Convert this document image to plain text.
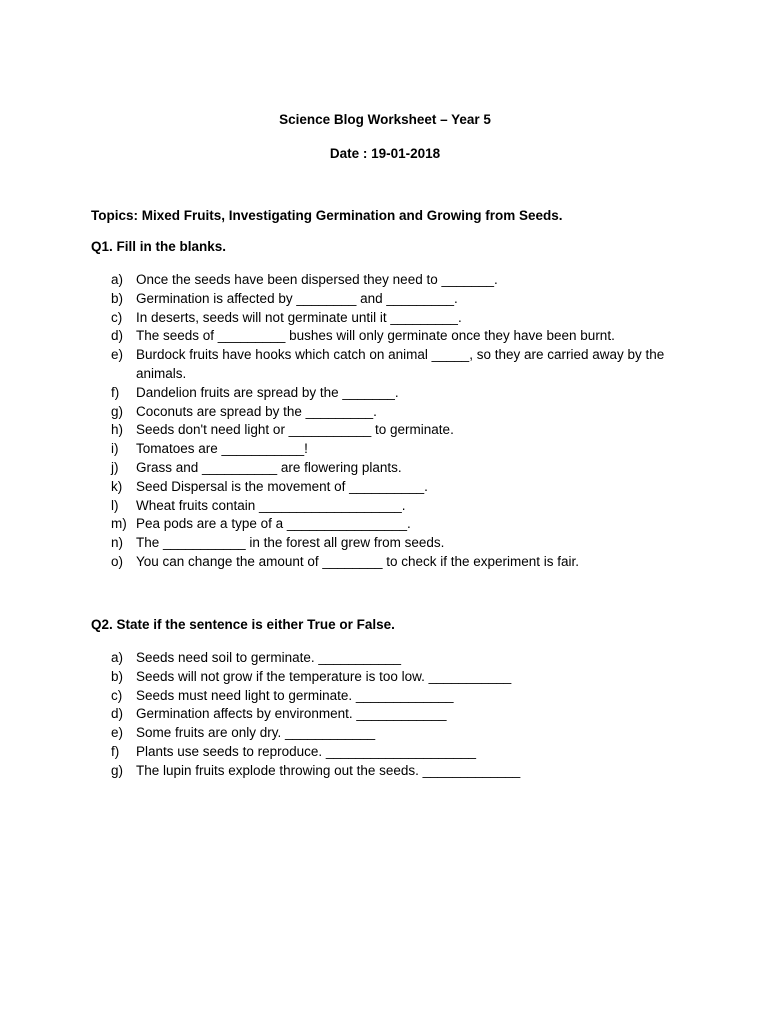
Science Blog Worksheet – Year 5
Date : 19-01-2018
Topics: Mixed Fruits, Investigating Germination and Growing from Seeds.
Q1. Fill in the blanks.
a) Once the seeds have been dispersed they need to _______.
b) Germination is affected by ________ and _________.
c)	In deserts, seeds will not germinate until it _________.
d) The seeds of _________ bushes will only germinate once they have been burnt.
e) Burdock fruits have hooks which catch on animal _____, so they are carried away by the animals.
f)	Dandelion fruits are spread by the _______.
g) Coconuts are spread by the _________.
h) Seeds don't need light or ___________ to germinate.
i)	Tomatoes are ___________!
j)	Grass and __________ are flowering plants.
k)	Seed Dispersal is the movement of __________.
l)	Wheat fruits contain ___________________.
m) Pea pods are a type of a ________________.
n) The ___________ in the forest all grew from seeds.
o) You can change the amount of ________ to check if the experiment is fair.
Q2. State if the sentence is either True or False.
a) Seeds need soil to germinate. ___________
b) Seeds will not grow if the temperature is too low. ___________
c)	Seeds must need light to germinate. _____________
d) Germination affects by environment. ____________
e) Some fruits are only dry. ____________
f)	Plants use seeds to reproduce. ____________________
g) The lupin fruits explode throwing out the seeds. _____________
